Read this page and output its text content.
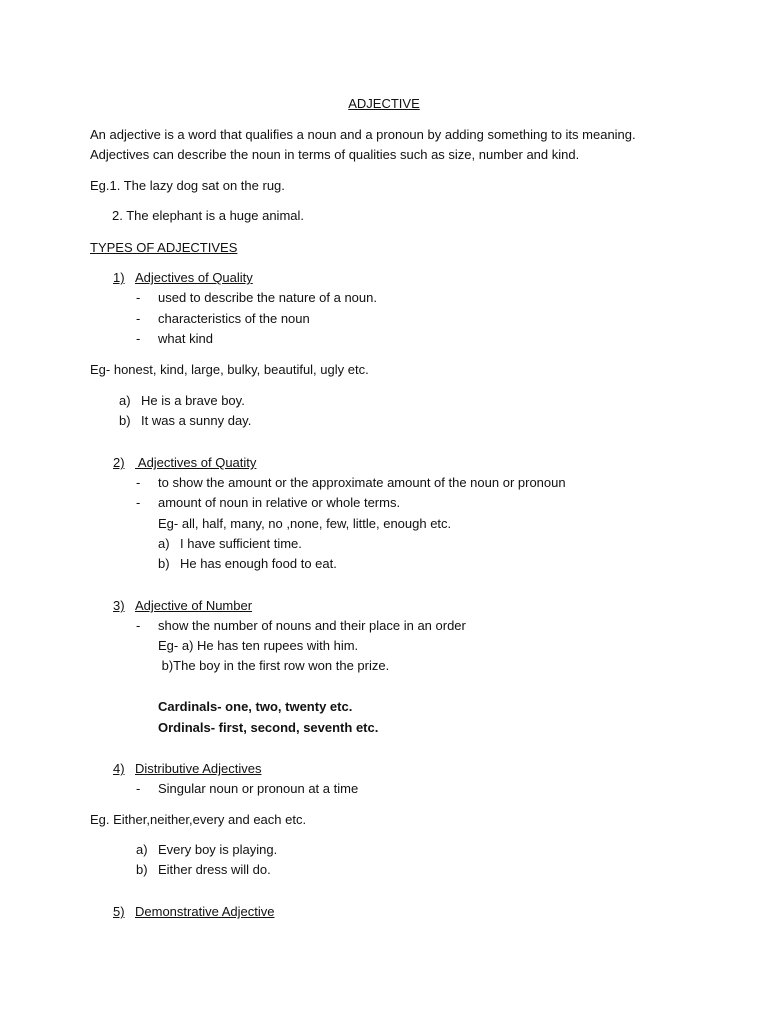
ADJECTIVE
An adjective is a word that qualifies a noun and a pronoun by adding something to its meaning.
Adjectives can describe the noun in terms of qualities such as size, number and kind.
Eg.1. The lazy dog sat on the rug.
2. The elephant is a huge animal.
TYPES OF ADJECTIVES
1) Adjectives of Quality
- used to describe the nature of a noun.
- characteristics of the noun
- what kind
Eg- honest, kind, large, bulky, beautiful, ugly etc.
a) He is a brave boy.
b) It was a sunny day.
2) Adjectives of Quatity
- to show the amount or the approximate amount of the noun or pronoun
- amount of noun in relative or whole terms.
Eg- all, half, many, no ,none, few, little, enough etc.
a) I have sufficient time.
b) He has enough food to eat.
3) Adjective of Number
- show the number of nouns and their place in an order
Eg- a) He has ten rupees with him.
b)The boy in the first row won the prize.
Cardinals- one, two, twenty etc.
Ordinals- first, second, seventh etc.
4) Distributive Adjectives
- Singular noun or pronoun at a time
Eg. Either,neither,every and each etc.
a) Every boy is playing.
b) Either dress will do.
5) Demonstrative Adjective
